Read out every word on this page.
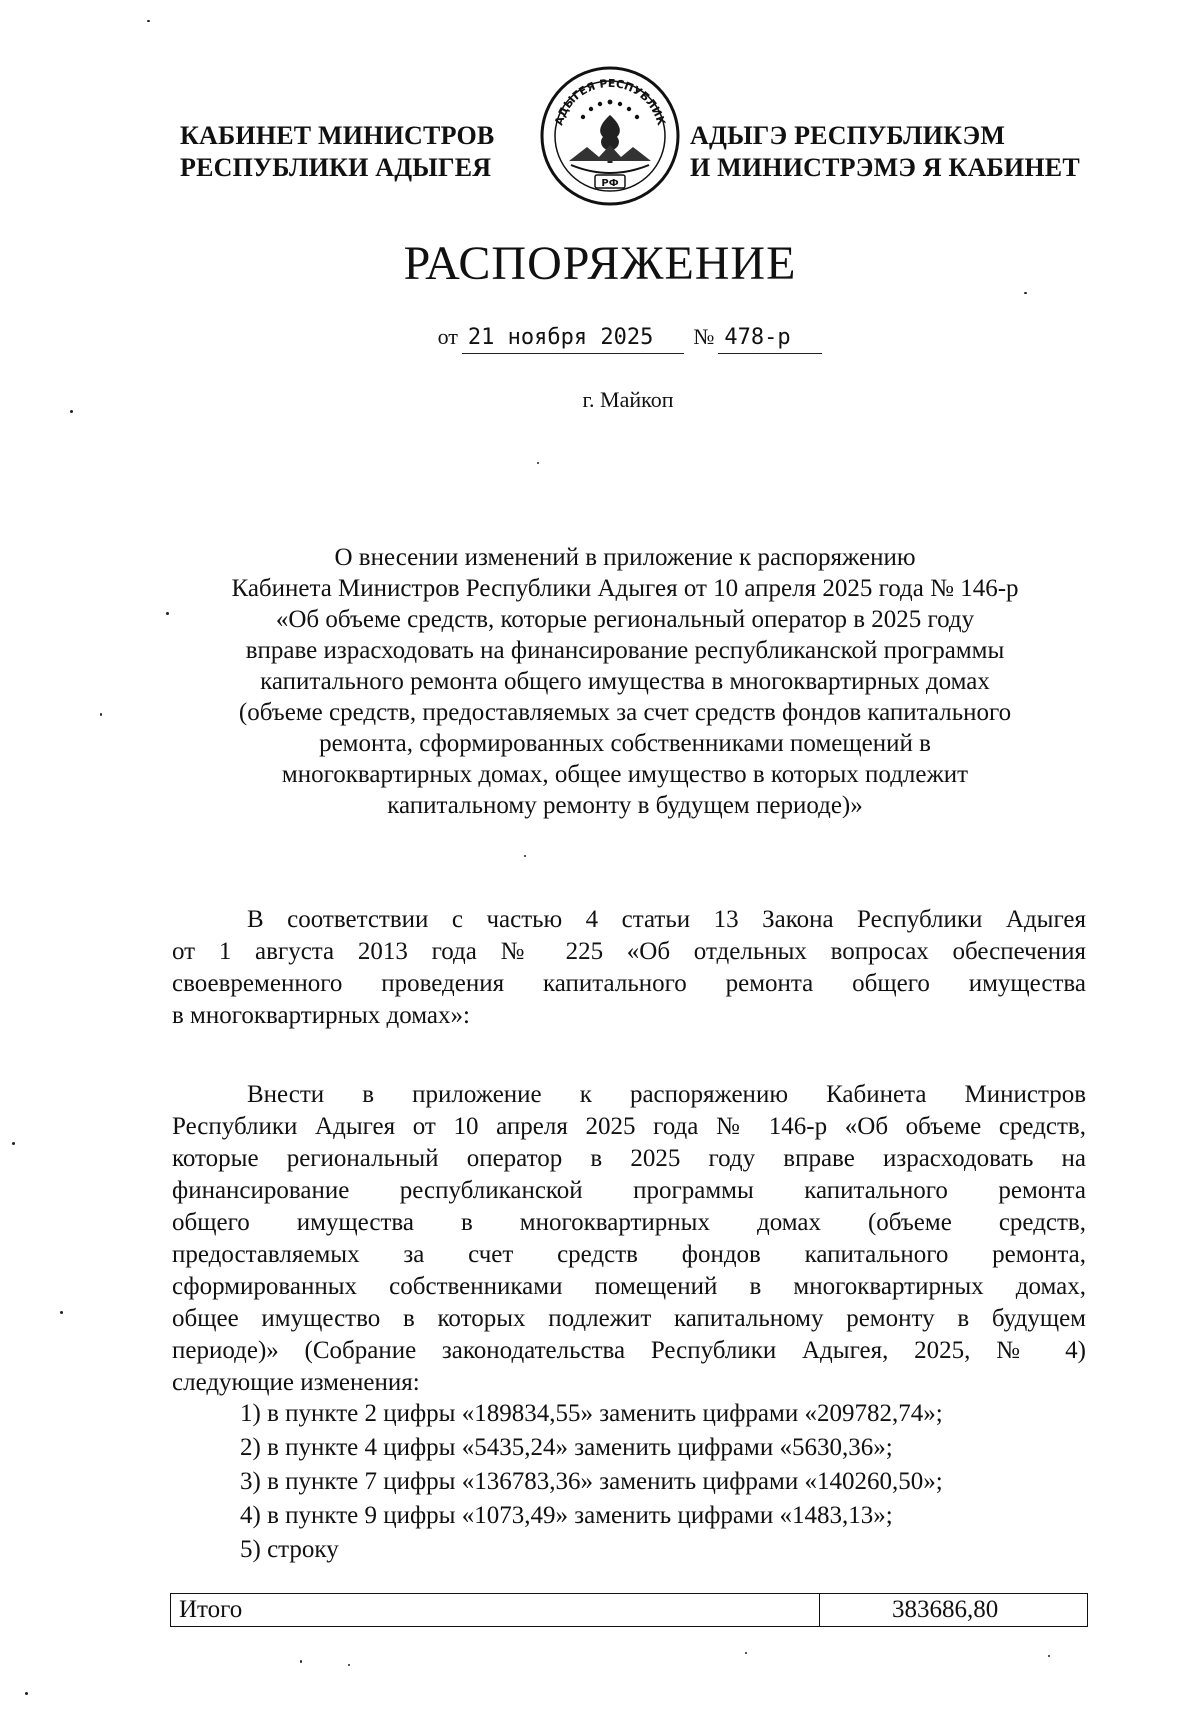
КАБИНЕТ МИНИСТРОВ
РЕСПУБЛИКИ АДЫГЕЯ
АДЫГЕЯ РЕСПУБЛИК
РФ
АДЫГЭ РЕСПУБЛИКЭМ
И МИНИСТРЭМЭ Я КАБИНЕТ
РАСПОРЯЖЕНИЕ
от 21 ноября 2025 № 478-р
г. Майкоп
О внесении изменений в приложение к распоряжению
Кабинета Министров Республики Адыгея от 10 апреля 2025 года № 146-р
«Об объеме средств, которые региональный оператор в 2025 году
вправе израсходовать на финансирование республиканской программы
капитального ремонта общего имущества в многоквартирных домах
(объеме средств, предоставляемых за счет средств фондов капитального
ремонта, сформированных собственниками помещений в
многоквартирных домах, общее имущество в которых подлежит
капитальному ремонту в будущем периоде)»
В соответствии с частью 4 статьи 13 Закона Республики Адыгея
от 1 августа 2013 года № 225 «Об отдельных вопросах обеспечения
своевременного проведения капитального ремонта общего имущества
в многоквартирных домах»:
Внести в приложение к распоряжению Кабинета Министров
Республики Адыгея от 10 апреля 2025 года № 146-р «Об объеме средств,
которые региональный оператор в 2025 году вправе израсходовать на
финансирование республиканской программы капитального ремонта
общего имущества в многоквартирных домах (объеме средств,
предоставляемых за счет средств фондов капитального ремонта,
сформированных собственниками помещений в многоквартирных домах,
общее имущество в которых подлежит капитальному ремонту в будущем
периоде)» (Собрание законодательства Республики Адыгея, 2025, № 4)
следующие изменения:
1) в пункте 2 цифры «189834,55» заменить цифрами «209782,74»;
2) в пункте 4 цифры «5435,24» заменить цифрами «5630,36»;
3) в пункте 7 цифры «136783,36» заменить цифрами «140260,50»;
4) в пункте 9 цифры «1073,49» заменить цифрами «1483,13»;
5) строку
Итого	383686,80
